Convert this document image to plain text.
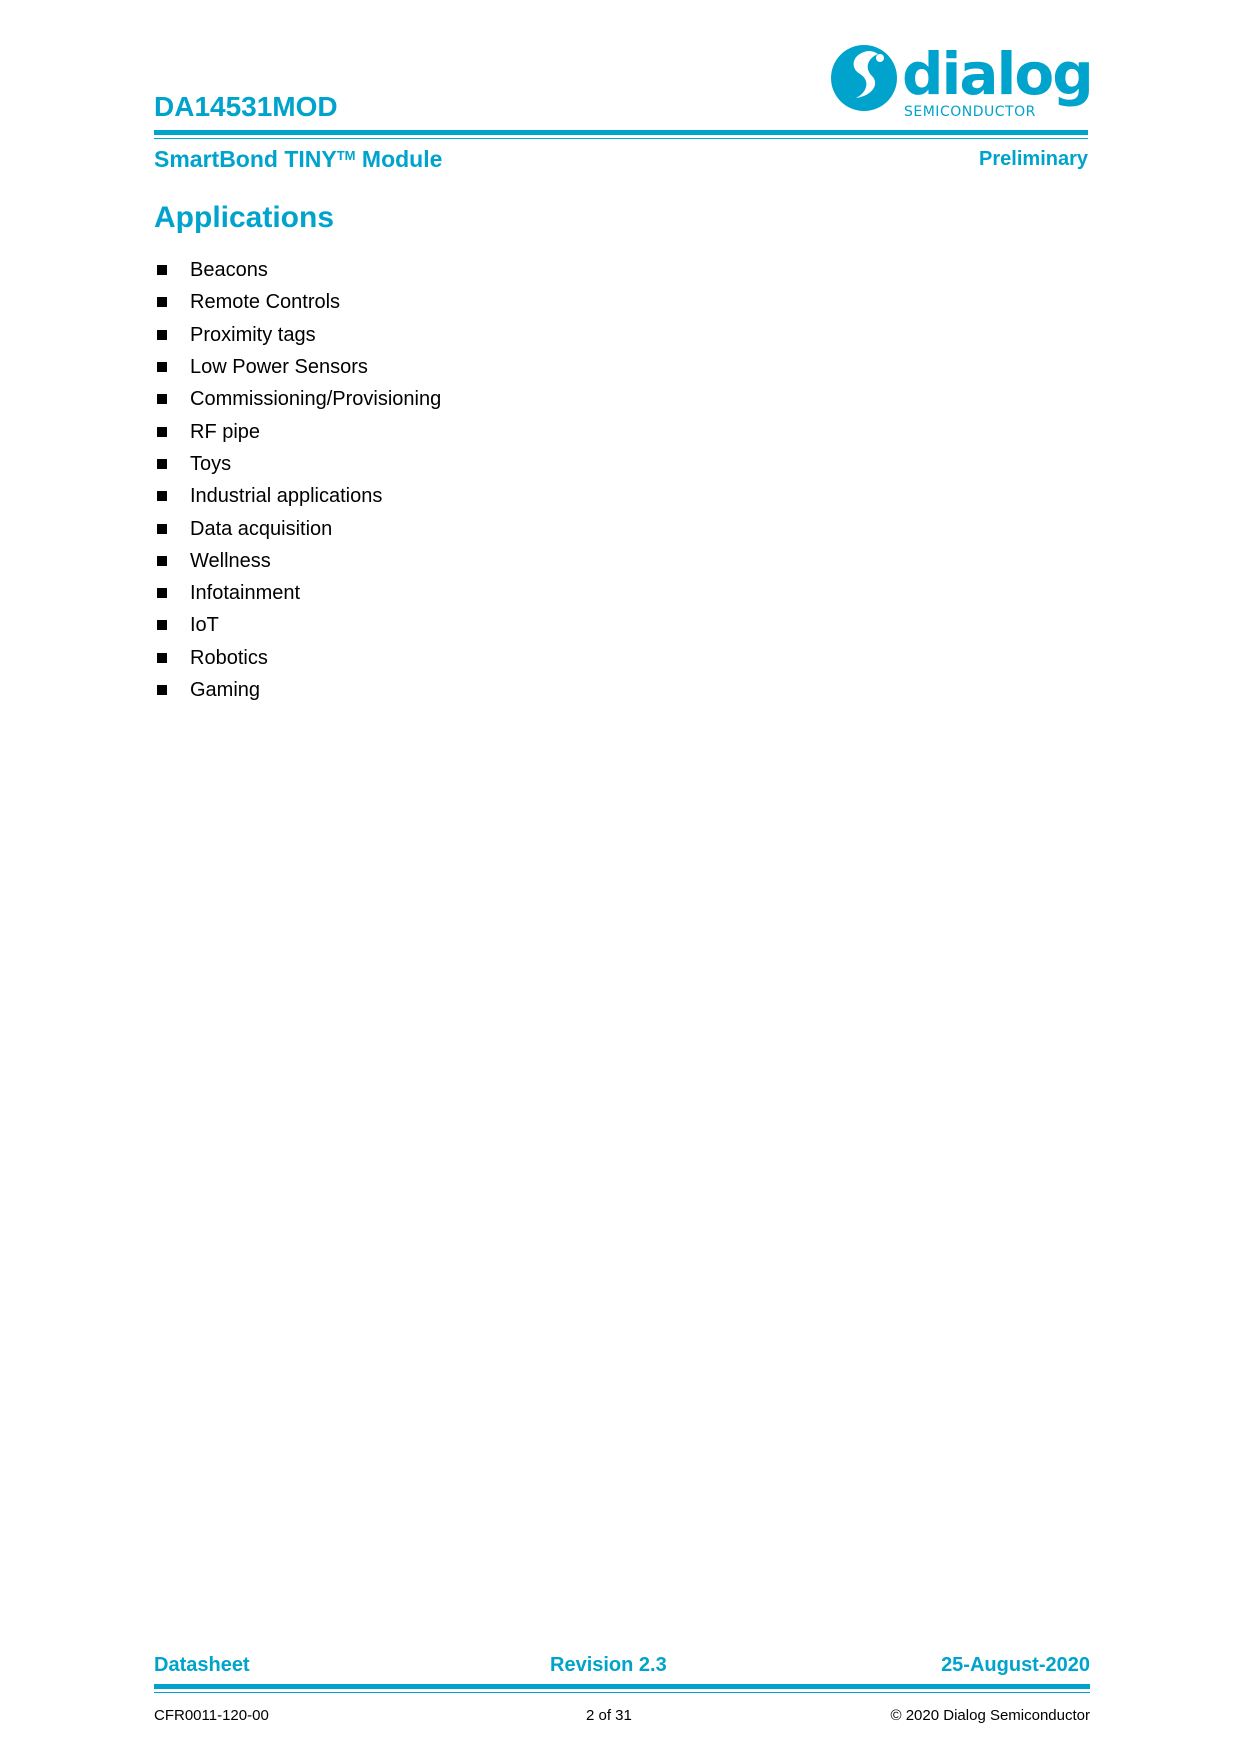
DA14531MOD	dialog
SEMICONDUCTOR
SmartBond TINY™ Module	Preliminary
Applications
Beacons
Remote Controls
Proximity tags
Low Power Sensors
Commissioning/Provisioning
RF pipe
Toys
Industrial applications
Data acquisition
Wellness
Infotainment
IoT
Robotics
Gaming
Datasheet	Revision 2.3	25-August-2020
CFR0011-120-00	2 of 31	© 2020 Dialog Semiconductor
